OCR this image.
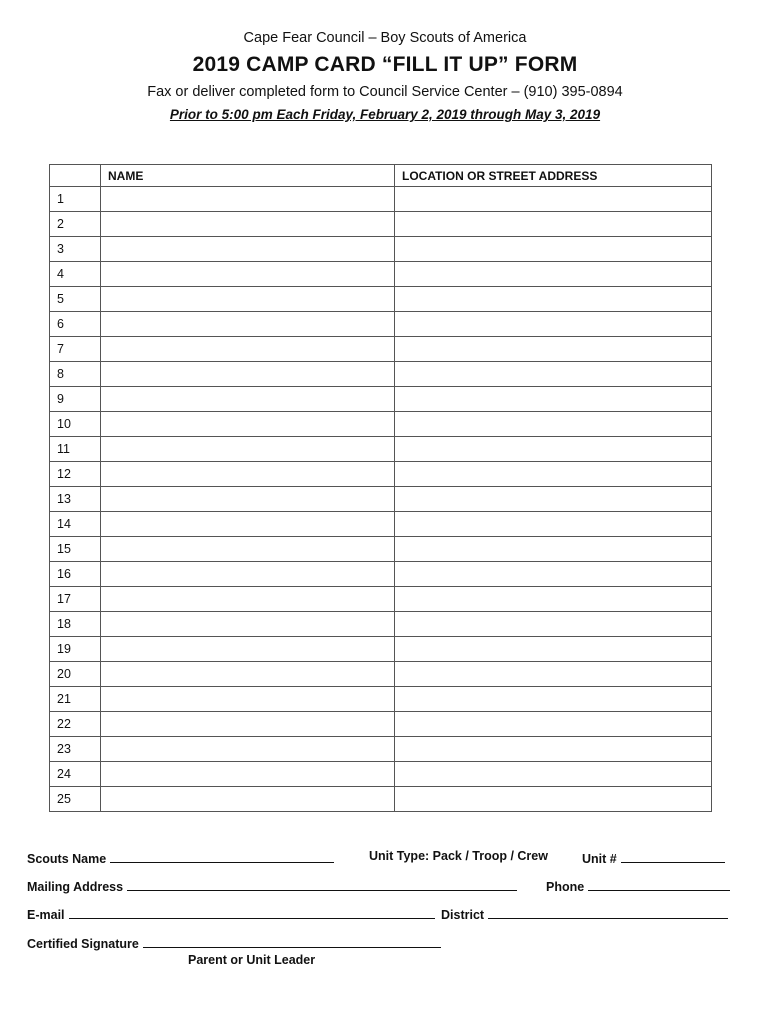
Cape Fear Council – Boy Scouts of America
2019 CAMP CARD “FILL IT UP” FORM
Fax or deliver completed form to Council Service Center – (910) 395-0894
Prior to 5:00 pm Each Friday, February 2, 2019 through May 3, 2019
	NAME	LOCATION OR STREET ADDRESS
1		
2		
3		
4		
5		
6		
7		
8		
9		
10		
11		
12		
13		
14		
15		
16		
17		
18		
19		
20		
21		
22		
23		
24		
25		
Scouts Name	Unit Type: Pack / Troop / Crew	Unit #
Mailing Address	Phone
E-mail	District
Certified Signature
Parent or Unit Leader
